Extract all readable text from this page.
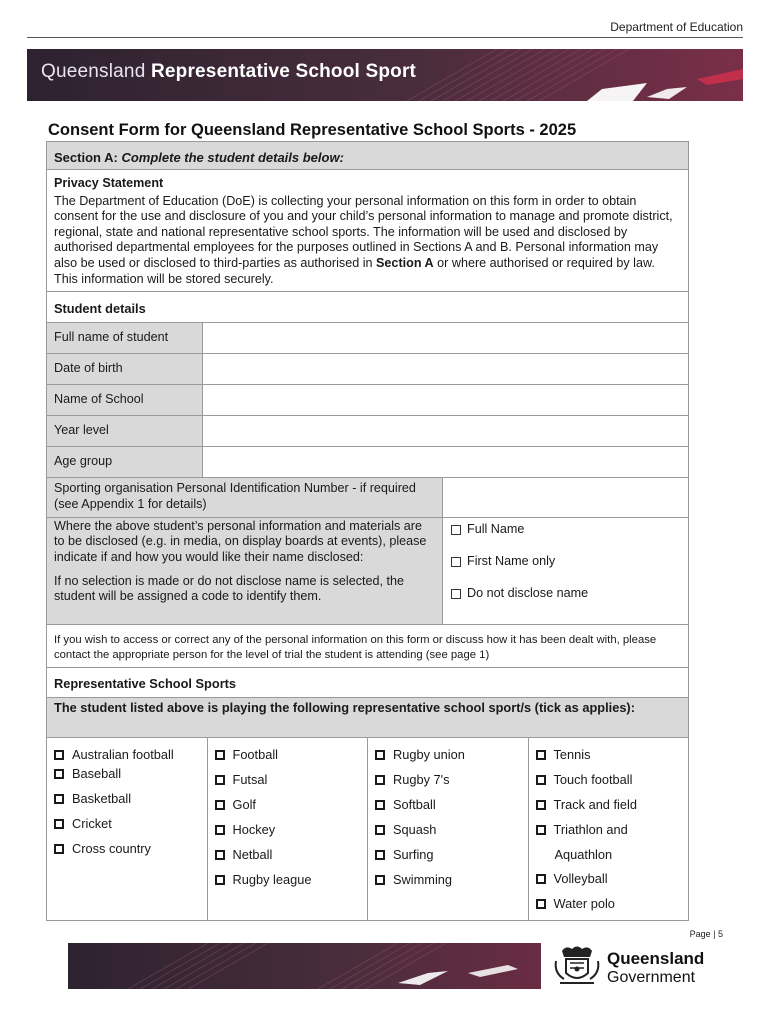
Department of Education
Queensland Representative School Sport
Consent Form for Queensland Representative School Sports - 2025
Section A: Complete the student details below:
Privacy Statement
The Department of Education (DoE) is collecting your personal information on this form in order to obtain consent for the use and disclosure of you and your child’s personal information to manage and promote district, regional, state and national representative school sports. The information will be used and disclosed by authorised departmental employees for the purposes outlined in Sections A and B. Personal information may also be used or disclosed to third-parties as authorised in Section A or where authorised or required by law. This information will be stored securely.
Student details
Full name of student
Date of birth
Name of School
Year level
Age group
Sporting organisation Personal Identification Number - if required (see Appendix 1 for details)

Where the above student’s personal information and materials are to be disclosed (e.g. in media, on display boards at events), please indicate if and how you would like their name disclosed:

If no selection is made or do not disclose name is selected, the student will be assigned a code to identify them.

Full Name
First Name only
Do not disclose name
If you wish to access or correct any of the personal information on this form or discuss how it has been dealt with, please contact the appropriate person for the level of trial the student is attending (see page 1)
Representative School Sports
The student listed above is playing the following representative school sport/s (tick as applies):
Australian football
Baseball
Basketball
Cricket
Cross country
Football
Futsal
Golf
Hockey
Netball
Rugby league
Rugby union
Rugby 7's
Softball
Squash
Surfing
Swimming
Tennis
Touch football
Track and field
Triathlon and
Aquathlon
Volleyball
Water polo
Page | 5
Queensland
Government
